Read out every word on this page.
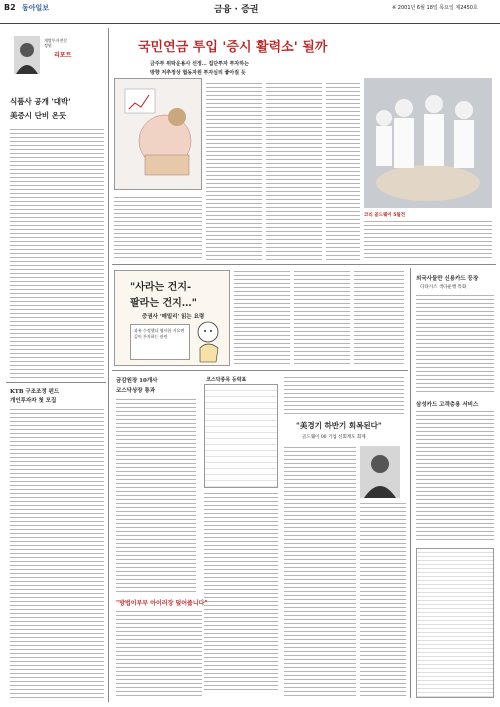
B2 동아일보	금융 · 증권	※ 2001년 6월 18일 목요일 제2450호
개발투자전문
정원
리포트
식품사 공개 '대박'
美증시 단비 온듯
KTB 구조조정 펀드
개인투자자 첫 모집
국민연금 투입 '증시 활력소' 될까
금주부 위탁운용사 선정… 집단투자 투자하는
방향 저추정상 협동자원 투자심리 좋아질 듯
코리 골드웨이 5월전
"사라는 건지-
팔라는 건지…"
증권사 '매밀리' 읽는 요령
과유 수정했다 영사한 거으면 깊이 투자하는 관련
외국사들만 신용카드 등장
디타시스 색다운행 특화
삼성카드 고객층용 서비스
금감원장 10개사
코스닥상장 통과
코스닥종목 등락표
"방법이부부 아이러장 덮어줍니다"
"美경기 하반기 회복된다"
골드웨이 00 기업 신회계도 회계
